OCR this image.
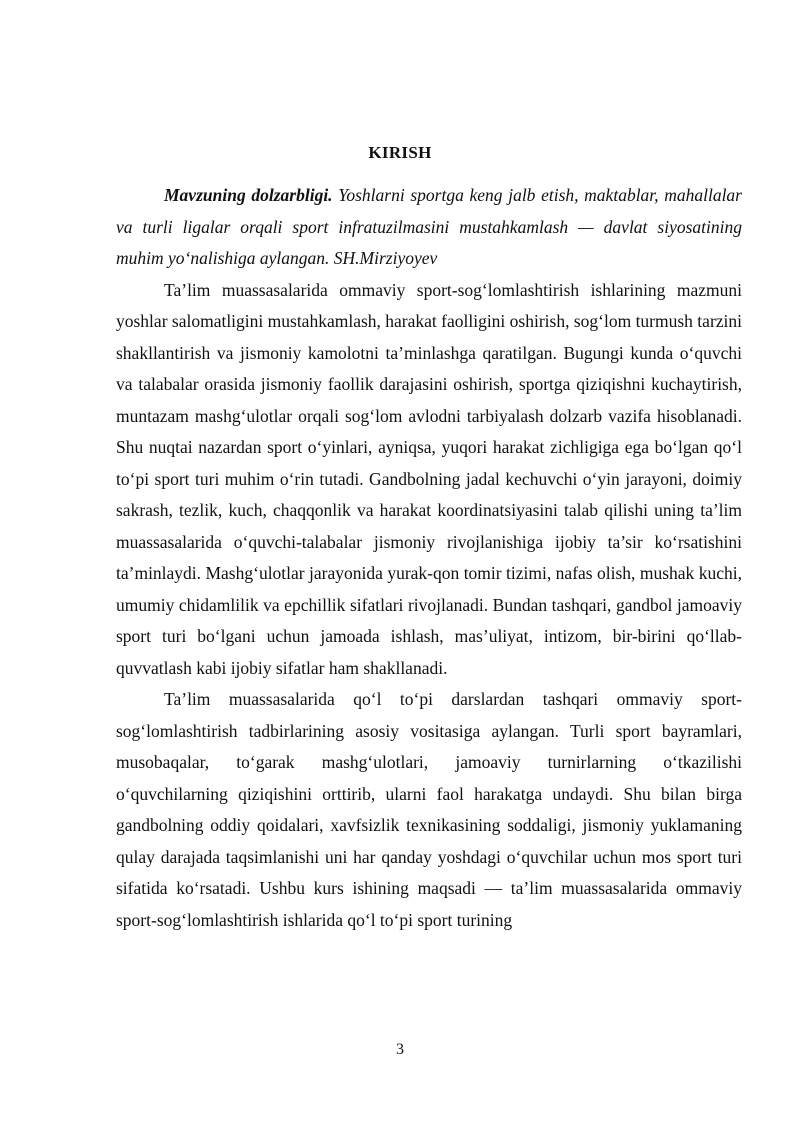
KIRISH

Mavzuning dolzarbligi. Yoshlarni sportga keng jalb etish, maktablar, mahallalar va turli ligalar orqali sport infratuzilmasini mustahkamlash — davlat siyosatining muhim yo‘nalishiga aylangan. SH.Mirziyoyev

Ta’lim muassasalarida ommaviy sport-sog‘lomlashtirish ishlarining mazmuni yoshlar salomatligini mustahkamlash, harakat faolligini oshirish, sog‘lom turmush tarzini shakllantirish va jismoniy kamolotni ta’minlashga qaratilgan. Bugungi kunda o‘quvchi va talabalar orasida jismoniy faollik darajasini oshirish, sportga qiziqishni kuchaytirish, muntazam mashg‘ulotlar orqali sog‘lom avlodni tarbiyalash dolzarb vazifa hisoblanadi. Shu nuqtai nazardan sport o‘yinlari, ayniqsa, yuqori harakat zichligiga ega bo‘lgan qo‘l to‘pi sport turi muhim o‘rin tutadi. Gandbolning jadal kechuvchi o‘yin jarayoni, doimiy sakrash, tezlik, kuch, chaqqonlik va harakat koordinatsiyasini talab qilishi uning ta’lim muassasalarida o‘quvchi-talabalar jismoniy rivojlanishiga ijobiy ta’sir ko‘rsatishini ta’minlaydi. Mashg‘ulotlar jarayonida yurak-qon tomir tizimi, nafas olish, mushak kuchi, umumiy chidamlilik va epchillik sifatlari rivojlanadi. Bundan tashqari, gandbol jamoaviy sport turi bo‘lgani uchun jamoada ishlash, mas’uliyat, intizom, bir-birini qo‘llab-quvvatlash kabi ijobiy sifatlar ham shakllanadi.

Ta’lim muassasalarida qo‘l to‘pi darslardan tashqari ommaviy sport-sog‘lomlashtirish tadbirlarining asosiy vositasiga aylangan. Turli sport bayramlari, musobaqalar, to‘garak mashg‘ulotlari, jamoaviy turnirlarning o‘tkazilishi o‘quvchilarning qiziqishini orttirib, ularni faol harakatga undaydi. Shu bilan birga gandbolning oddiy qoidalari, xavfsizlik texnikasining soddaligi, jismoniy yuklamaning qulay darajada taqsimlanishi uni har qanday yoshdagi o‘quvchilar uchun mos sport turi sifatida ko‘rsatadi. Ushbu kurs ishining maqsadi — ta’lim muassasalarida ommaviy sport-sog‘lomlashtirish ishlarida qo‘l to‘pi sport turining

3
